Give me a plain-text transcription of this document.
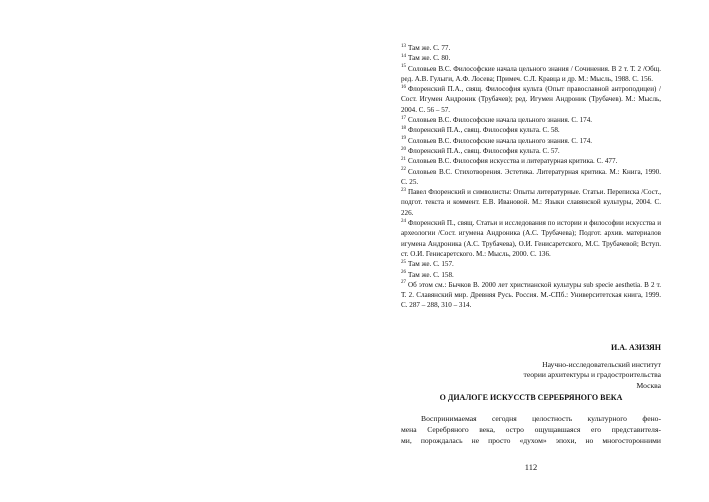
$^{13}$ Там же. С. 77.

$^{14}$ Там же. С. 80.

$^{15}$ Соловьев В.С. Философские начала цельного знания / Сочинения. В 2 т. Т. 2 /Общ. ред. А.В. Гулыги, А.Ф. Лосева; Примеч. С.Л. Кравца и др. М.: Мысль, 1988. С. 156.

$^{16}$ Флоренский П.А., свящ. Философия культа (Опыт православной антроподицеи) /Сост. Игумен Андроник (Трубачев); ред. Игумен Андроник (Трубачев). М.: Мысль, 2004. С. 56 – 57.

$^{17}$ Соловьев В.С. Философские начала цельного знания. С. 174.

$^{18}$ Флоренский П.А., свящ. Философия культа. С. 58.

$^{19}$ Соловьев В.С. Философские начала цельного знания. С. 174.

$^{20}$ Флоренский П.А., свящ. Философия культа. С. 57.

$^{21}$ Соловьев В.С. Философия искусства и литературная критика. С. 477.

$^{22}$ Соловьев В.С. Стихотворения. Эстетика. Литературная критика. М.: Книга, 1990. С. 25.

$^{23}$ Павел Флоренский и символисты: Опыты литературные. Статьи. Переписка /Сост., подгот. текста и коммент. Е.В. Ивановой. М.: Языки славянской культуры, 2004. С. 226.

$^{24}$ Флоренский П., свящ. Статьи и исследования по истории и философии искусства и археологии /Сост. игумена Андроника (А.С. Трубачева); Подгот. архив. материалов игумена Андроника (А.С. Трубачева), О.И. Генисаретского, М.С. Трубачевой; Вступ. ст. О.И. Генисаретского. М.: Мысль, 2000. С. 136.

$^{25}$ Там же. С. 157.

$^{26}$ Там же. С. 158.

$^{27}$ Об этом см.: Бычков В. 2000 лет христианской культуры sub specie aesthetia. В 2 т. Т. 2. Славянский мир. Древняя Русь. Россия. М.-СПб.: Университетская книга, 1999. С. 287 – 288, 310 – 314.

И.А. АЗИЗЯН

Научно-исследовательский институт

теории архитектуры и градостроительства

Москва

О ДИАЛОГЕ ИСКУССТВ СЕРЕБРЯНОГО ВЕКА
Воспринимаемая сегодня целостность культурного фено-
мена Серебряного века, остро ощущавшаяся его представителя-
ми, порождалась не просто «духом» эпохи, но многосторонними
112
